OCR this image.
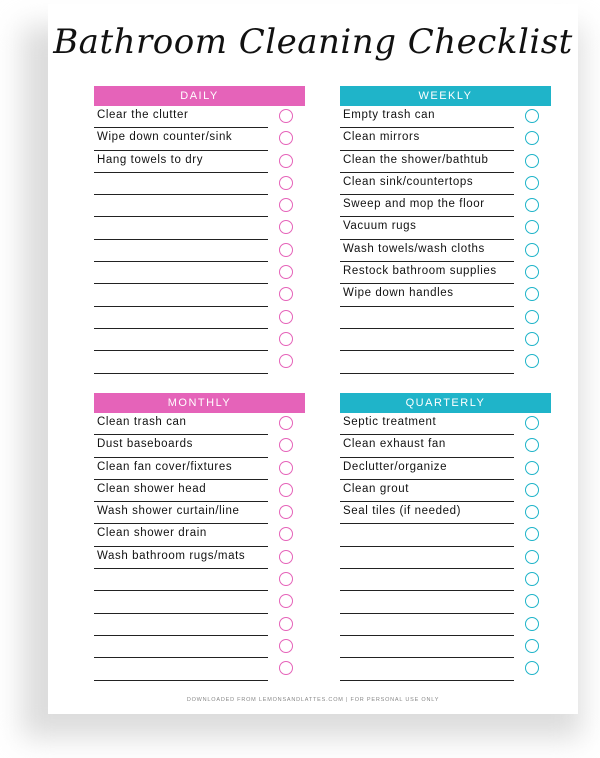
Bathroom Cleaning Checklist
DAILY
Clear the clutter
Wipe down counter/sink
Hang towels to dry
WEEKLY
Empty trash can
Clean mirrors
Clean the shower/bathtub
Clean sink/countertops
Sweep and mop the floor
Vacuum rugs
Wash towels/wash cloths
Restock bathroom supplies
Wipe down handles
MONTHLY
Clean trash can
Dust baseboards
Clean fan cover/fixtures
Clean shower head
Wash shower curtain/line
Clean shower drain
Wash bathroom rugs/mats
QUARTERLY
Septic treatment
Clean exhaust fan
Declutter/organize
Clean grout
Seal tiles (if needed)
DOWNLOADED FROM LEMONSANDLATTES.COM | FOR PERSONAL USE ONLY
